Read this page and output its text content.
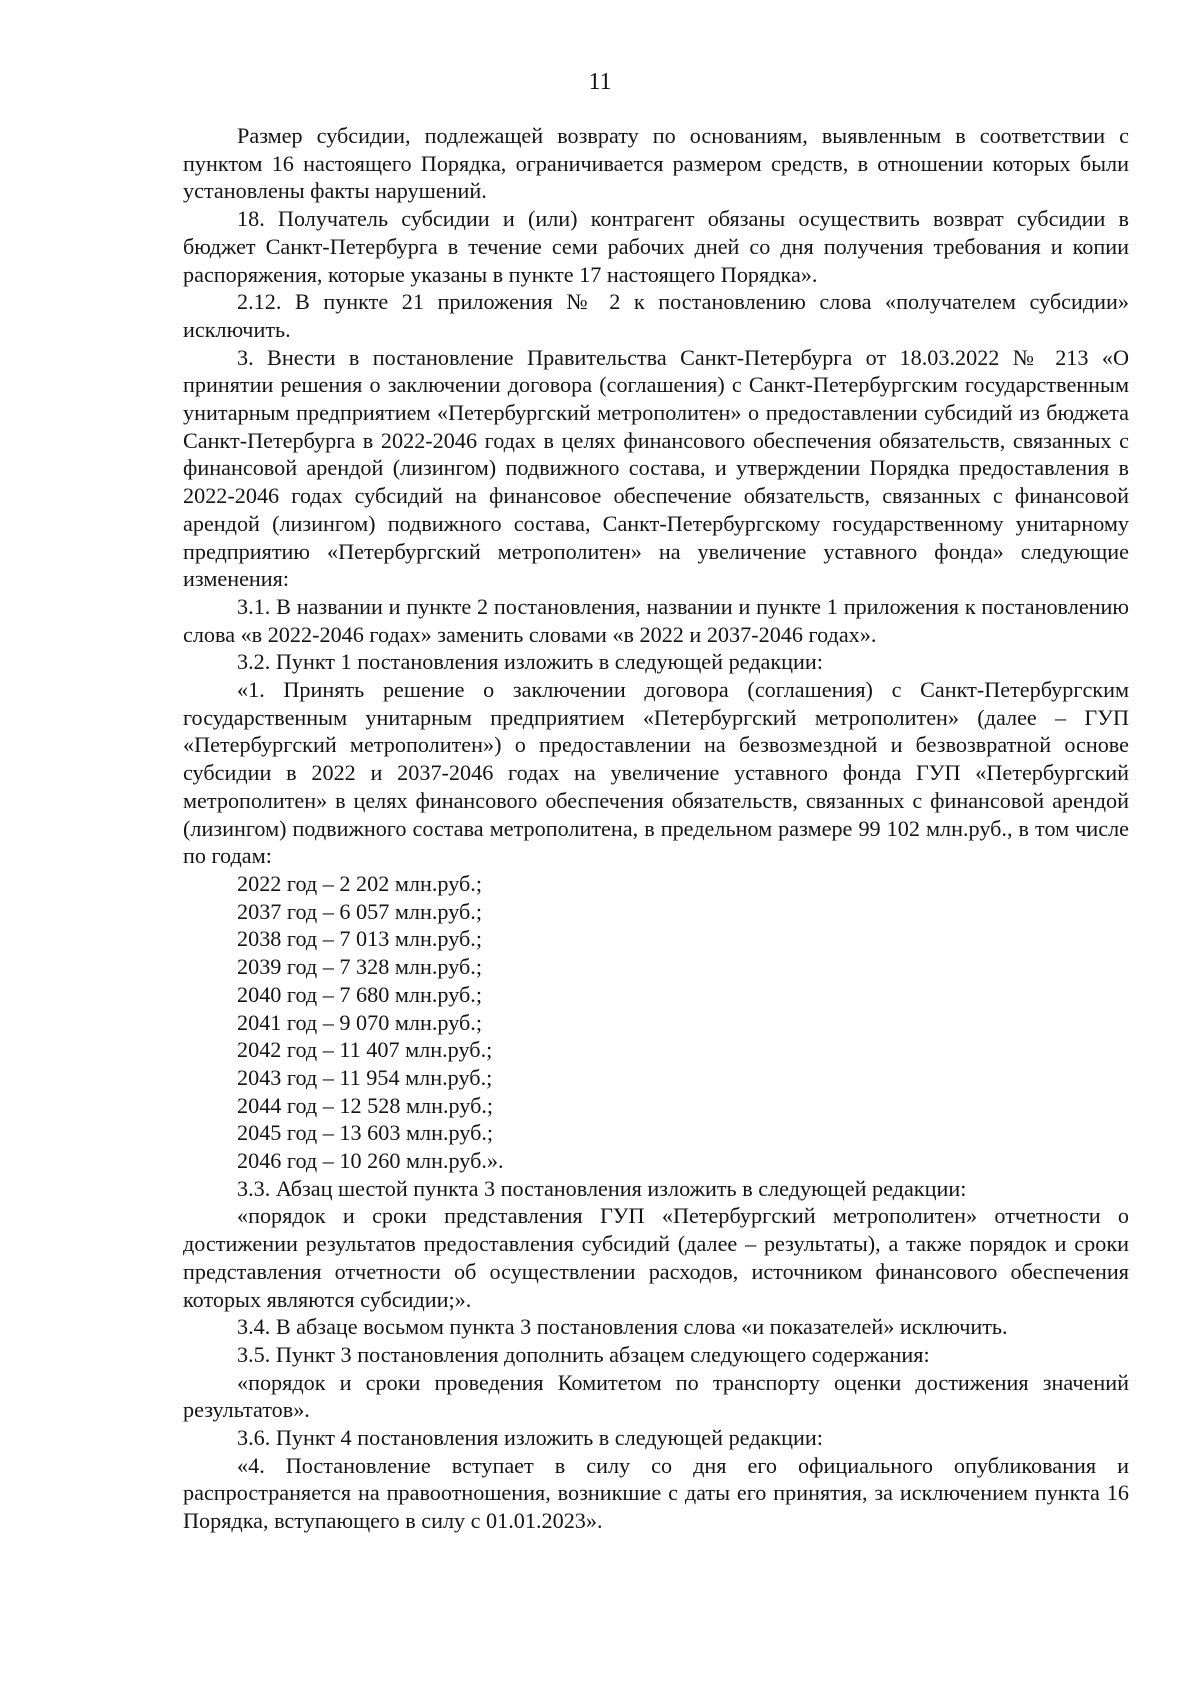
11

Размер субсидии, подлежащей возврату по основаниям, выявленным в соответствии с пунктом 16 настоящего Порядка, ограничивается размером средств, в отношении которых были установлены факты нарушений.

18. Получатель субсидии и (или) контрагент обязаны осуществить возврат субсидии в бюджет Санкт-Петербурга в течение семи рабочих дней со дня получения требования и копии распоряжения, которые указаны в пункте 17 настоящего Порядка».

2.12. В пункте 21 приложения № 2 к постановлению слова «получателем субсидии» исключить.

3. Внести в постановление Правительства Санкт-Петербурга от 18.03.2022 № 213 «О принятии решения о заключении договора (соглашения) с Санкт-Петербургским государственным унитарным предприятием «Петербургский метрополитен» о предоставлении субсидий из бюджета Санкт-Петербурга в 2022-2046 годах в целях финансового обеспечения обязательств, связанных с финансовой арендой (лизингом) подвижного состава, и утверждении Порядка предоставления в 2022-2046 годах субсидий на финансовое обеспечение обязательств, связанных с финансовой арендой (лизингом) подвижного состава, Санкт-Петербургскому государственному унитарному предприятию «Петербургский метрополитен» на увеличение уставного фонда» следующие изменения:

3.1. В названии и пункте 2 постановления, названии и пункте 1 приложения к постановлению слова «в 2022-2046 годах» заменить словами «в 2022 и 2037-2046 годах».

3.2. Пункт 1 постановления изложить в следующей редакции:

«1. Принять решение о заключении договора (соглашения) с Санкт-Петербургским государственным унитарным предприятием «Петербургский метрополитен» (далее – ГУП «Петербургский метрополитен») о предоставлении на безвозмездной и безвозвратной основе субсидии в 2022 и 2037-2046 годах на увеличение уставного фонда ГУП «Петербургский метрополитен» в целях финансового обеспечения обязательств, связанных с финансовой арендой (лизингом) подвижного состава метрополитена, в предельном размере 99 102 млн.руб., в том числе по годам:

2022 год – 2 202 млн.руб.;

2037 год – 6 057 млн.руб.;

2038 год – 7 013 млн.руб.;

2039 год – 7 328 млн.руб.;

2040 год – 7 680 млн.руб.;

2041 год – 9 070 млн.руб.;

2042 год – 11 407 млн.руб.;

2043 год – 11 954 млн.руб.;

2044 год – 12 528 млн.руб.;

2045 год – 13 603 млн.руб.;

2046 год – 10 260 млн.руб.».

3.3. Абзац шестой пункта 3 постановления изложить в следующей редакции:

«порядок и сроки представления ГУП «Петербургский метрополитен» отчетности о достижении результатов предоставления субсидий (далее – результаты), а также порядок и сроки представления отчетности об осуществлении расходов, источником финансового обеспечения которых являются субсидии;».

3.4. В абзаце восьмом пункта 3 постановления слова «и показателей» исключить.

3.5. Пункт 3 постановления дополнить абзацем следующего содержания:

«порядок и сроки проведения Комитетом по транспорту оценки достижения значений результатов».

3.6. Пункт 4 постановления изложить в следующей редакции:

«4. Постановление вступает в силу со дня его официального опубликования и распространяется на правоотношения, возникшие с даты его принятия, за исключением пункта 16 Порядка, вступающего в силу с 01.01.2023».
